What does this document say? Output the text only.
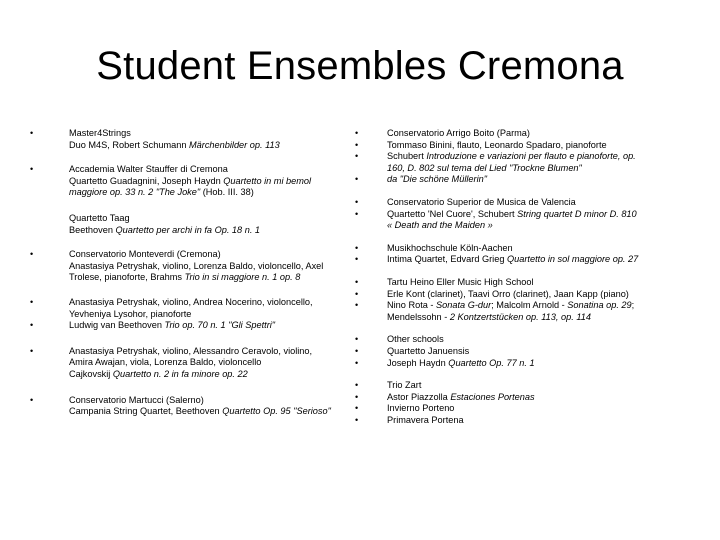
Student Ensembles Cremona
•	Master4Strings
Duo M4S, Robert Schumann Märchenbilder op. 113
•	Accademia Walter Stauffer di Cremona
Quartetto Guadagnini, Joseph Haydn Quartetto in mi bemol
maggiore op. 33 n. 2 "The Joke" (Hob. III. 38)
Quartetto Taag
Beethoven Quartetto per archi in fa Op. 18 n. 1
•	Conservatorio Monteverdi (Cremona)
Anastasiya Petryshak, violino, Lorenza Baldo, violoncello, Axel
Trolese, pianoforte, Brahms Trio in si maggiore n. 1 op. 8
•	Anastasiya Petryshak, violino, Andrea Nocerino, violoncello,
Yevheniya Lysohor, pianoforte
•	Ludwig van Beethoven Trio op. 70 n. 1 "Gli Spettri"
•	Anastasiya Petryshak, violino, Alessandro Ceravolo, violino,
Amira Awajan, viola, Lorenza Baldo, violoncello
Cajkovskij Quartetto n. 2 in fa minore op. 22
•	Conservatorio Martucci (Salerno)
Campania String Quartet, Beethoven Quartetto Op. 95 "Serioso"
•	Conservatorio Arrigo Boito (Parma)
•	Tommaso Binini, flauto, Leonardo Spadaro, pianoforte
•	Schubert Introduzione e variazioni per flauto e pianoforte, op.
160, D. 802 sul tema del Lied "Trockne Blumen"
•	da "Die schöne Müllerin"
•	Conservatorio Superior de Musica de Valencia
•	Quartetto 'Nel Cuore', Schubert String quartet D minor D. 810
« Death and the Maiden »
•	Musikhochschule Köln-Aachen
•	Intima Quartet, Edvard Grieg Quartetto in sol maggiore op. 27
•	Tartu Heino Eller Music High School
•	Erle Kont (clarinet), Taavi Orro (clarinet), Jaan Kapp (piano)
•	Nino Rota - Sonata G-dur; Malcolm Arnold - Sonatina op. 29;
Mendelssohn - 2 Kontzertstücken op. 113, op. 114
•	Other schools
•	Quartetto Januensis
•	Joseph Haydn Quartetto Op. 77 n. 1
•	Trio Zart
•	Astor Piazzolla Estaciones Portenas
•	Invierno Porteno
•	Primavera Portena
